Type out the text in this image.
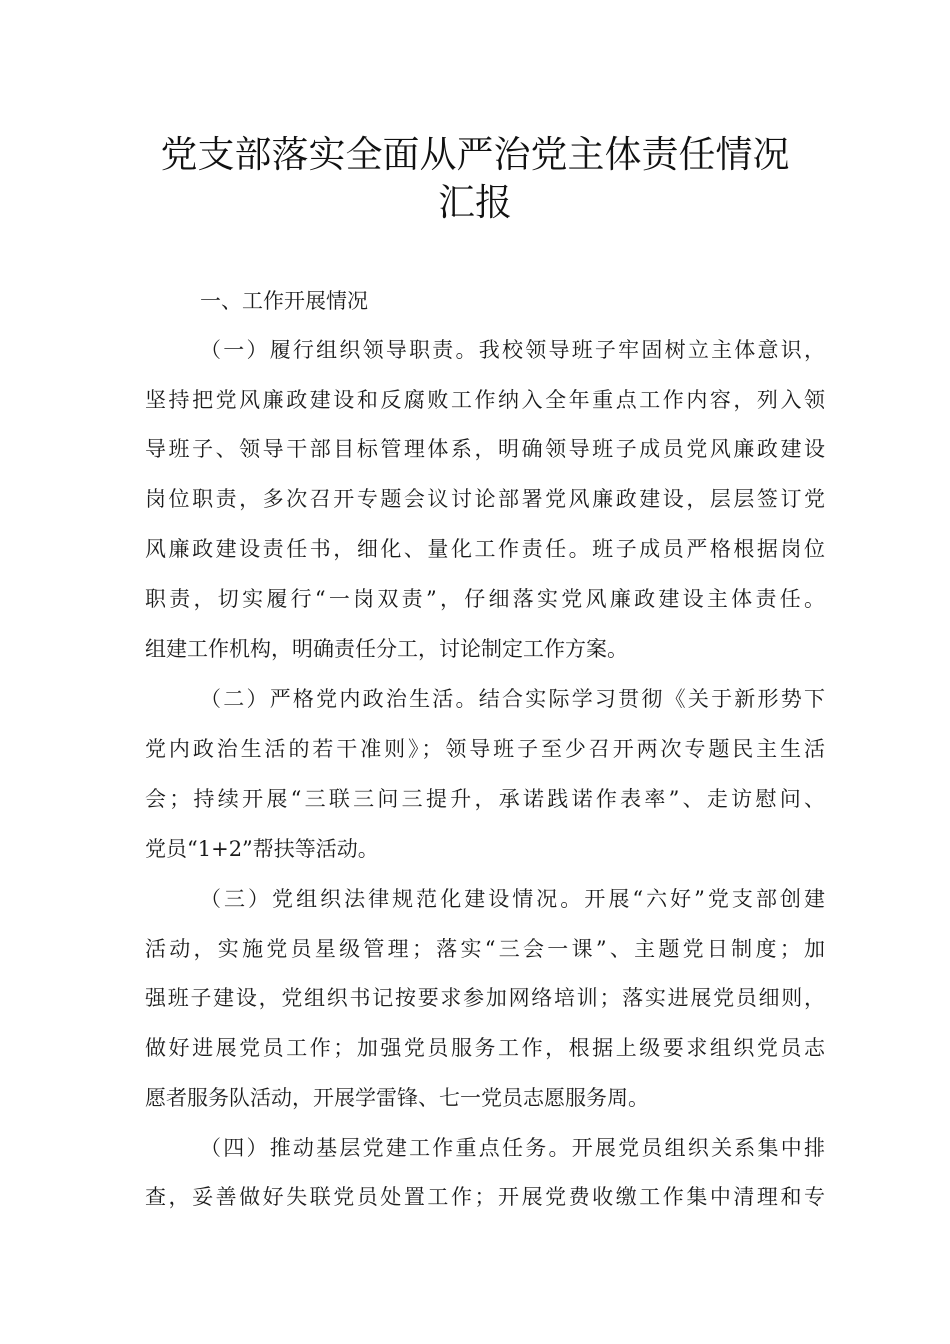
党支部落实全面从严治党主体责任情况
汇报
一、工作开展情况
（一）履行组织领导职责。我校领导班子牢固树立主体意识，
坚持把党风廉政建设和反腐败工作纳入全年重点工作内容，列入领
导班子、领导干部目标管理体系，明确领导班子成员党风廉政建设
岗位职责，多次召开专题会议讨论部署党风廉政建设，层层签订党
风廉政建设责任书，细化、量化工作责任。班子成员严格根据岗位
职责，切实履行“一岗双责”，仔细落实党风廉政建设主体责任。
组建工作机构，明确责任分工，讨论制定工作方案。
（二）严格党内政治生活。结合实际学习贯彻《关于新形势下
党内政治生活的若干准则》；领导班子至少召开两次专题民主生活
会；持续开展“三联三问三提升，承诺践诺作表率”、走访慰问、
党员“1+2”帮扶等活动。
（三）党组织法律规范化建设情况。开展“六好”党支部创建
活动，实施党员星级管理；落实“三会一课”、主题党日制度；加
强班子建设，党组织书记按要求参加网络培训；落实进展党员细则，
做好进展党员工作；加强党员服务工作，根据上级要求组织党员志
愿者服务队活动，开展学雷锋、七一党员志愿服务周。
（四）推动基层党建工作重点任务。开展党员组织关系集中排
查，妥善做好失联党员处置工作；开展党费收缴工作集中清理和专
